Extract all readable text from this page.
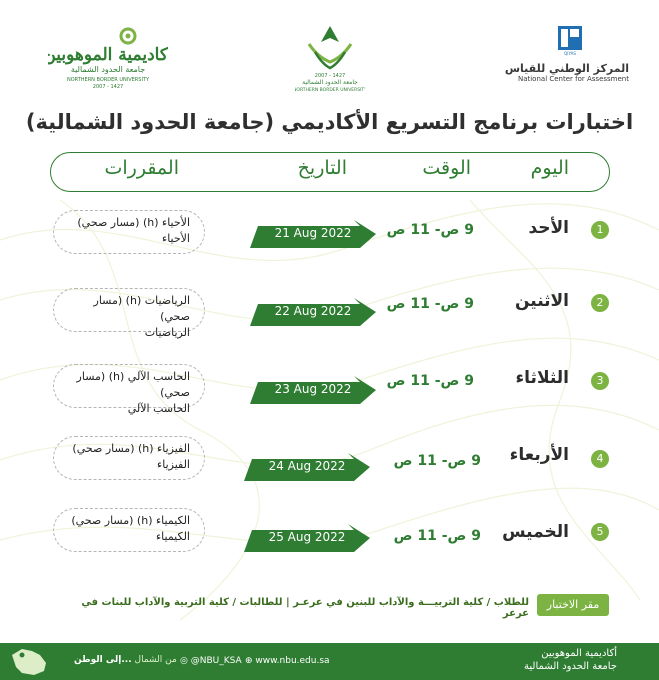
أكاديمية الموهوبين
جامعة الحدود الشمالية
NORTHERN BORDER UNIVERSITY
2007 - 1427
2007 - 1427
جامعة الحدود الشمالية
NORTHERN BORDER UNIVERSITY
QIYAS
المركز الوطني للقياس
National Center for Assessment
اختبارات برنامج التسريع الأكاديمي (جامعة الحدود الشمالية)
اليوم
الوقت
التاريخ
المقررات
1
الأحد
9 ص- 11 ص
21 Aug 2022
الأحياء (h) (مسار صحي)
الأحياء
2
الاثنين
9 ص- 11 ص
22 Aug 2022
الرياضيات (h) (مسار صحي)
الرياضيات
3
الثلاثاء
9 ص- 11 ص
23 Aug 2022
الحاسب الآلي (h) (مسار صحي)
الحاسب الآلي
4
الأربعاء
9 ص- 11 ص
24 Aug 2022
الفيزياء (h) (مسار صحي)
الفيزياء
5
الخميس
9 ص- 11 ص
25 Aug 2022
الكيمياء (h) (مسار صحي)
الكيمياء
مقر الاختبار
للطلاب / كلية التربيـــة والآداب للبنين في عرعـر | للطالبات / كلية التربية والآداب للبنات في عرعر
أكاديمية الموهوبين
جامعة الحدود الشمالية
⊕ www.nbu.edu.sa
◎ @NBU_KSA
من الشمال ...إلى الوطن
